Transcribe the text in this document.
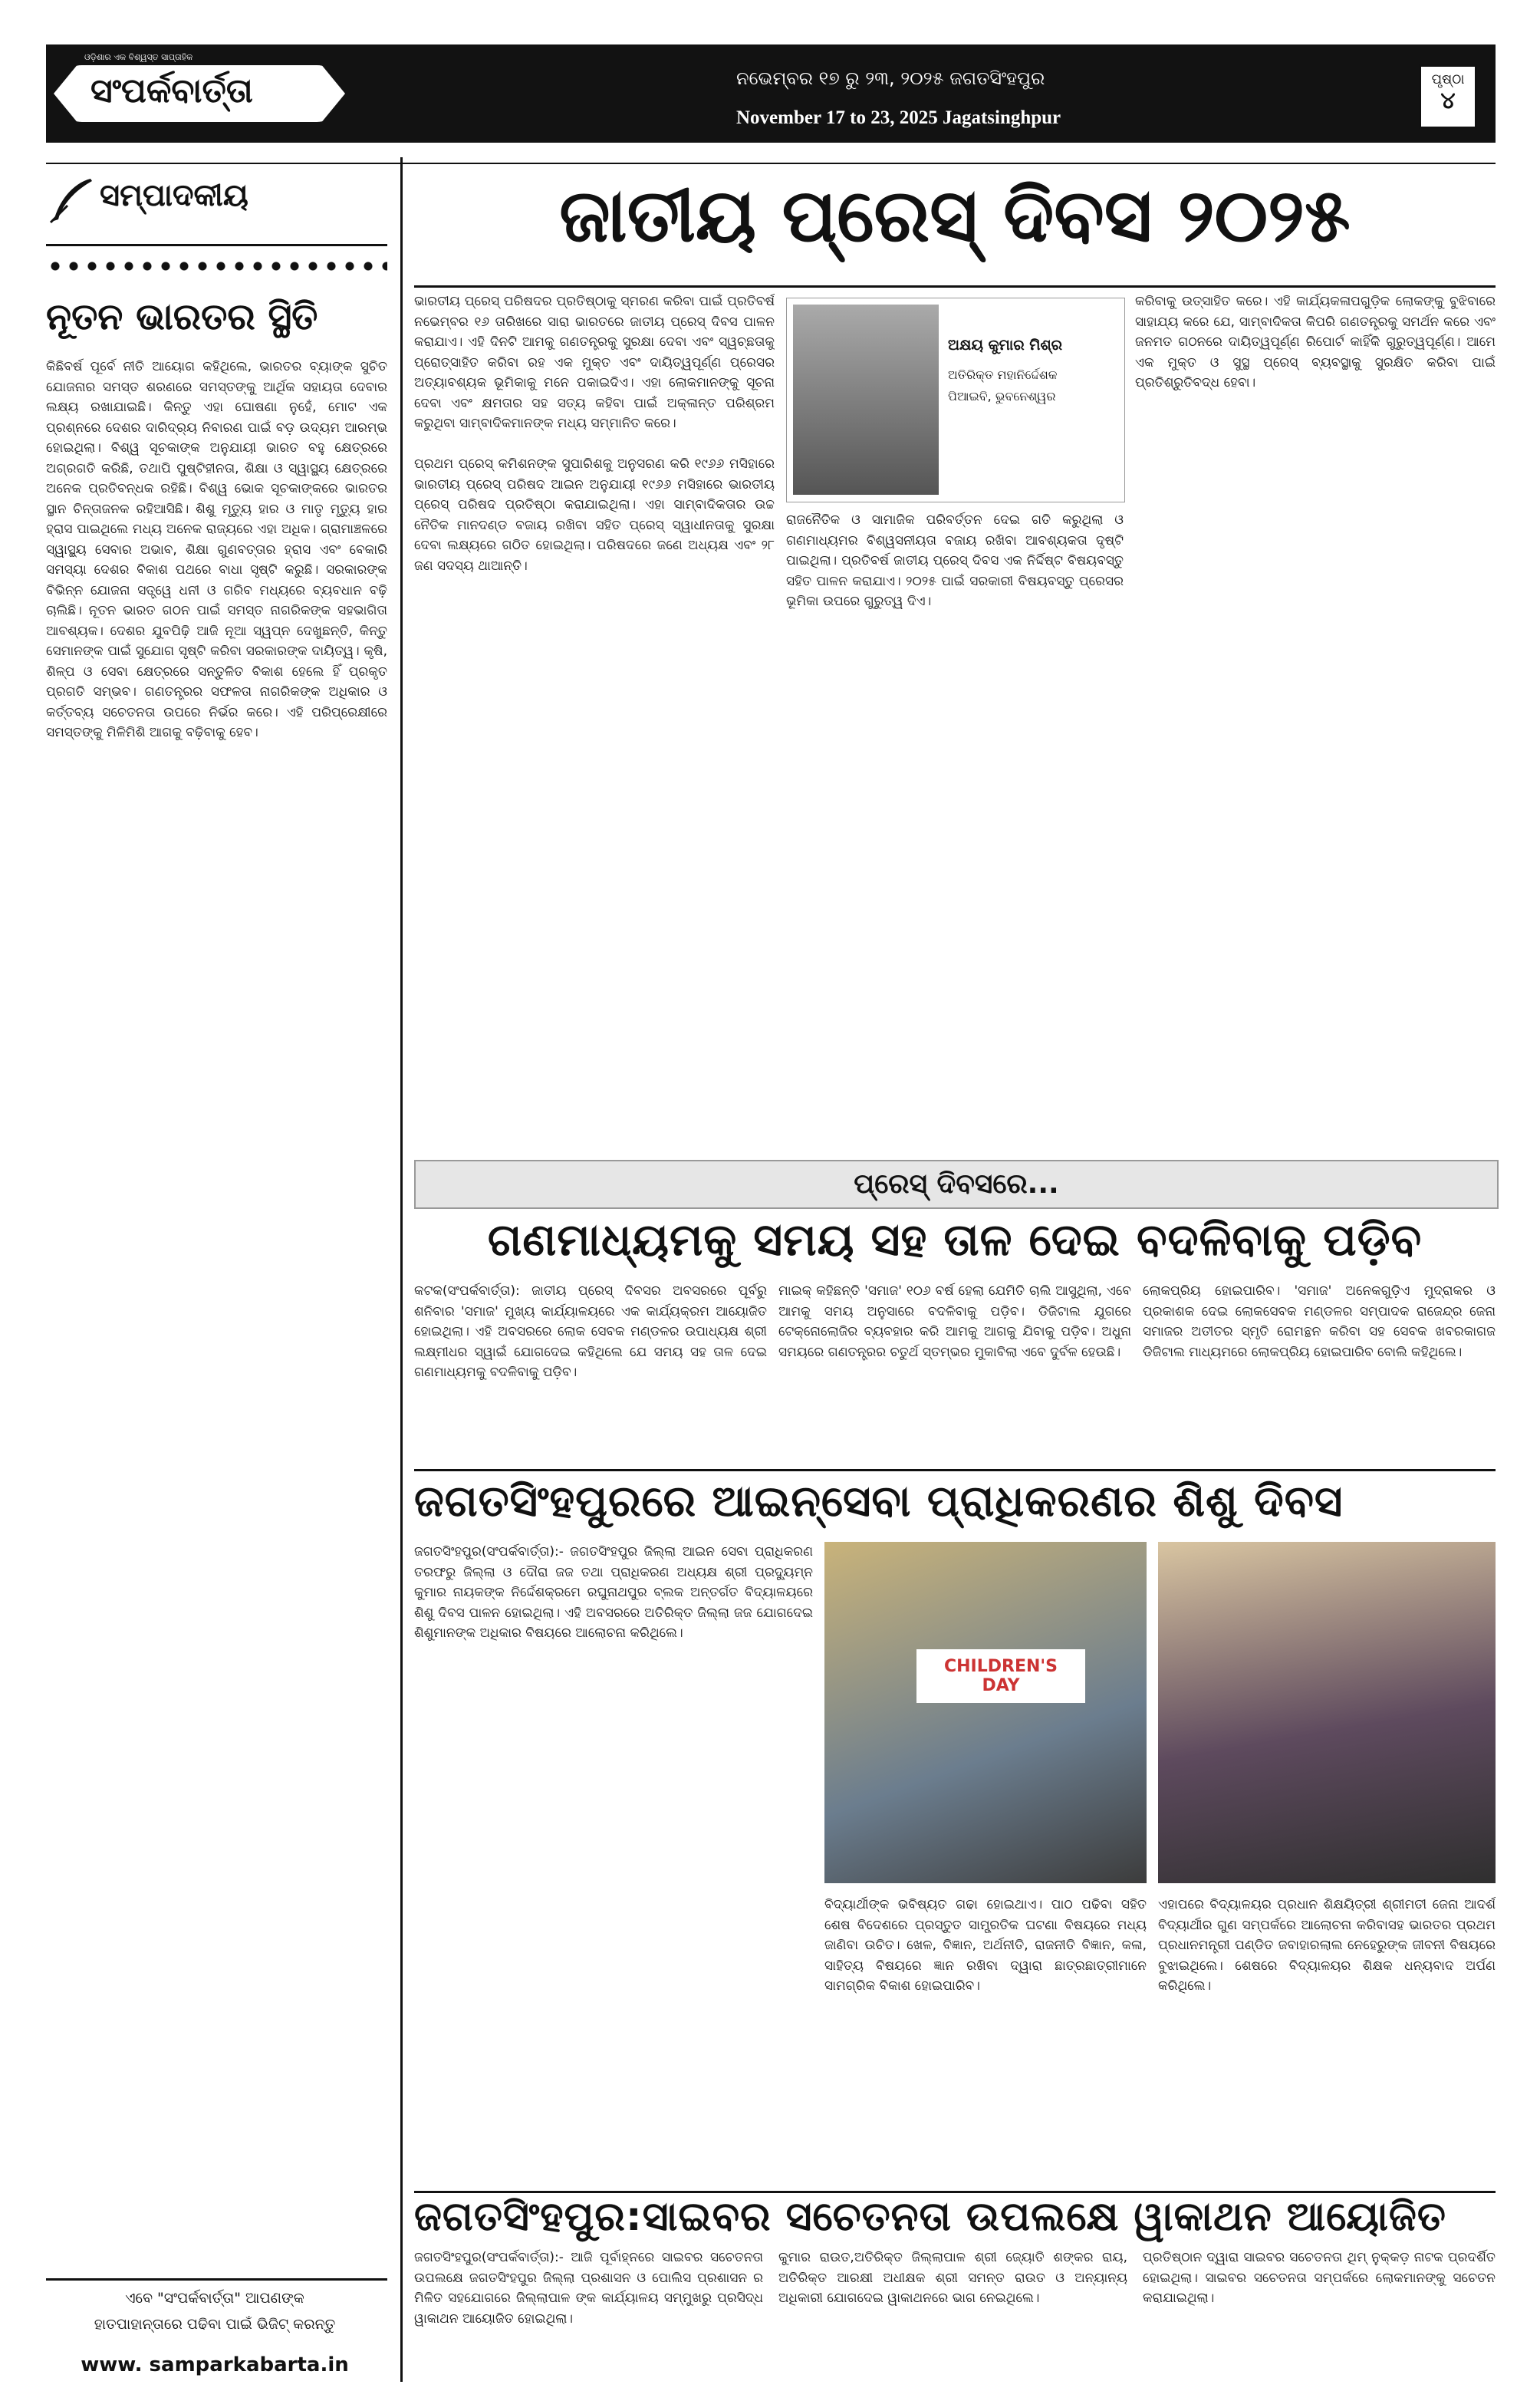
ଓଡ଼ିଶାର ଏକ ବିଶ୍ୱସ୍ତ ସାପ୍ତାହିକ
ସଂପର୍କବାର୍ତ୍ତା	ନଭେମ୍ବର ୧୭ ରୁ ୨୩, ୨୦୨୫ ଜଗତସିଂହପୁର
November 17 to 23, 2025 Jagatsinghpur
ପୃଷ୍ଠା
୪
ସମ୍ପାଦକୀୟ
ନୂତନ ଭାରତର ସ୍ଥିତି
କିଛିବର୍ଷ ପୂର୍ବେ ନୀତି ଆୟୋଗ କହିଥିଲେ, ଭାରତର ବ୍ୟାଙ୍କ ସୁଚିତ ଯୋଜନାର ସମସ୍ତ ଶରଣରେ ସମସ୍ତଙ୍କୁ ଆର୍ଥିକ ସହାୟତା ଦେବାର ଲକ୍ଷ୍ୟ ରଖାଯାଇଛି। କିନ୍ତୁ ଏହା ଘୋଷଣା ନୁହେଁ, ମୋଟ ଏକ ପ୍ରଶ୍ନରେ ଦେଶର ଦାରିଦ୍ର୍ୟ ନିବାରଣ ପାଇଁ ବଡ଼ ଉଦ୍ୟମ ଆରମ୍ଭ ହୋଇଥିଲା। ବିଶ୍ୱ ସୂଚକାଙ୍କ ଅନୁଯାୟୀ ଭାରତ ବହୁ କ୍ଷେତ୍ରରେ ଅଗ୍ରଗତି କରିଛି, ତଥାପି ପୁଷ୍ଟିହୀନତା, ଶିକ୍ଷା ଓ ସ୍ୱାସ୍ଥ୍ୟ କ୍ଷେତ୍ରରେ ଅନେକ ପ୍ରତିବନ୍ଧକ ରହିଛି। ବିଶ୍ୱ ଭୋକ ସୂଚକାଙ୍କରେ ଭାରତର ସ୍ଥାନ ଚିନ୍ତାଜନକ ରହିଆସିଛି। ଶିଶୁ ମୃତ୍ୟୁ ହାର ଓ ମାତୃ ମୃତ୍ୟୁ ହାର ହ୍ରାସ ପାଇଥିଲେ ମଧ୍ୟ ଅନେକ ରାଜ୍ୟରେ ଏହା ଅଧିକ। ଗ୍ରାମାଞ୍ଚଳରେ ସ୍ୱାସ୍ଥ୍ୟ ସେବାର ଅଭାବ, ଶିକ୍ଷା ଗୁଣବତ୍ତାର ହ୍ରାସ ଏବଂ ବେକାରି ସମସ୍ୟା ଦେଶର ବିକାଶ ପଥରେ ବାଧା ସୃଷ୍ଟି କରୁଛି। ସରକାରଙ୍କ ବିଭିନ୍ନ ଯୋଜନା ସତ୍ତ୍ୱେ ଧନୀ ଓ ଗରିବ ମଧ୍ୟରେ ବ୍ୟବଧାନ ବଢ଼ି ଚାଲିଛି। ନୂତନ ଭାରତ ଗଠନ ପାଇଁ ସମସ୍ତ ନାଗରିକଙ୍କ ସହଭାଗିତା ଆବଶ୍ୟକ। ଦେଶର ଯୁବପିଢ଼ି ଆଜି ନୂଆ ସ୍ୱପ୍ନ ଦେଖୁଛନ୍ତି, କିନ୍ତୁ ସେମାନଙ୍କ ପାଇଁ ସୁଯୋଗ ସୃଷ୍ଟି କରିବା ସରକାରଙ୍କ ଦାୟିତ୍ୱ। କୃଷି, ଶିଳ୍ପ ଓ ସେବା କ୍ଷେତ୍ରରେ ସନ୍ତୁଳିତ ବିକାଶ ହେଲେ ହିଁ ପ୍ରକୃତ ପ୍ରଗତି ସମ୍ଭବ। ଗଣତନ୍ତ୍ରର ସଫଳତା ନାଗରିକଙ୍କ ଅଧିକାର ଓ କର୍ତ୍ତବ୍ୟ ସଚେତନତା ଉପରେ ନିର୍ଭର କରେ। ଏହି ପରିପ୍ରେକ୍ଷୀରେ ସମସ୍ତଙ୍କୁ ମିଳିମିଶି ଆଗକୁ ବଢ଼ିବାକୁ ହେବ।
ଏବେ "ସଂପର୍କବାର୍ତ୍ତା" ଆପଣଙ୍କ
ହାତପାହାନ୍ତାରେ ପଢିବା ପାଇଁ ଭିଜିଟ୍ କରନ୍ତୁ
www. samparkabarta.in
ଜାତୀୟ ପ୍ରେସ୍ ଦିବସ ୨୦୨୫
ଭାରତୀୟ ପ୍ରେସ୍ ପରିଷଦର ପ୍ରତିଷ୍ଠାକୁ ସ୍ମରଣ କରିବା ପାଇଁ ପ୍ରତିବର୍ଷ ନଭେମ୍ବର ୧୬ ତାରିଖରେ ସାରା ଭାରତରେ ଜାତୀୟ ପ୍ରେସ୍ ଦିବସ ପାଳନ କରାଯାଏ। ଏହି ଦିନଟି ଆମକୁ ଗଣତନ୍ତ୍ରକୁ ସୁରକ୍ଷା ଦେବା ଏବଂ ସ୍ୱଚ୍ଛତାକୁ ପ୍ରୋତ୍ସାହିତ କରିବା ରହ ଏକ ମୁକ୍ତ ଏବଂ ଦାୟିତ୍ୱପୂର୍ଣ୍ଣ ପ୍ରେସର ଅତ୍ୟାବଶ୍ୟକ ଭୂମିକାକୁ ମନେ ପକାଇଦିଏ। ଏହା ଲୋକମାନଙ୍କୁ ସୂଚନା ଦେବା ଏବଂ କ୍ଷମତାର ସହ ସତ୍ୟ କହିବା ପାଇଁ ଅକ୍ଳାନ୍ତ ପରିଶ୍ରମ କରୁଥିବା ସାମ୍ବାଦିକମାନଙ୍କ ମଧ୍ୟ ସମ୍ମାନିତ କରେ।

ପ୍ରଥମ ପ୍ରେସ୍ କମିଶନଙ୍କ ସୁପାରିଶକୁ ଅନୁସରଣ କରି ୧୯୬୬ ମସିହାରେ ଭାରତୀୟ ପ୍ରେସ୍ ପରିଷଦ ଆଇନ ଅନୁଯାୟୀ ୧୯୬୬ ମସିହାରେ ଭାରତୀୟ ପ୍ରେସ୍ ପରିଷଦ ପ୍ରତିଷ୍ଠା କରାଯାଇଥିଲା। ଏହା ସାମ୍ବାଦିକତାର ଉଚ୍ଚ ନୈତିକ ମାନଦଣ୍ଡ ବଜାୟ ରଖିବା ସହିତ ପ୍ରେସ୍ ସ୍ୱାଧୀନତାକୁ ସୁରକ୍ଷା ଦେବା ଲକ୍ଷ୍ୟରେ ଗଠିତ ହୋଇଥିଲା। ପରିଷଦରେ ଜଣେ ଅଧ୍ୟକ୍ଷ ଏବଂ ୨୮ ଜଣ ସଦସ୍ୟ ଥାଆନ୍ତି।
ଅକ୍ଷୟ କୁମାର ମିଶ୍ର
ଅତିରିକ୍ତ ମହାନିର୍ଦ୍ଦେଶକ
ପିଆଇବି, ଭୁବନେଶ୍ୱର
ରାଜନୈତିକ ଓ ସାମାଜିକ ପରିବର୍ତ୍ତନ ଦେଇ ଗତି କରୁଥିଲା ଓ ଗଣମାଧ୍ୟମର ବିଶ୍ୱସନୀୟତା ବଜାୟ ରଖିବା ଆବଶ୍ୟକତା ଦୃଷ୍ଟି ପାଇଥିଲା। ପ୍ରତିବର୍ଷ ଜାତୀୟ ପ୍ରେସ୍ ଦିବସ ଏକ ନିର୍ଦ୍ଦିଷ୍ଟ ବିଷୟବସ୍ତୁ ସହିତ ପାଳନ କରାଯାଏ। ୨୦୨୫ ପାଇଁ ସରକାରୀ ବିଷୟବସ୍ତୁ ପ୍ରେସର ଭୂମିକା ଉପରେ ଗୁରୁତ୍ୱ ଦିଏ।
କରିବାକୁ ଉତ୍ସାହିତ କରେ। ଏହି କାର୍ଯ୍ୟକଳାପଗୁଡ଼ିକ ଲୋକଙ୍କୁ ବୁଝିବାରେ ସାହାଯ୍ୟ କରେ ଯେ, ସାମ୍ବାଦିକତା କିପରି ଗଣତନ୍ତ୍ରକୁ ସମର୍ଥନ କରେ ଏବଂ ଜନମତ ଗଠନରେ ଦାୟିତ୍ୱପୂର୍ଣ୍ଣ ରିପୋର୍ଟ କାହିଁକି ଗୁରୁତ୍ୱପୂର୍ଣ୍ଣ। ଆମେ ଏକ ମୁକ୍ତ ଓ ସୁସ୍ଥ ପ୍ରେସ୍ ବ୍ୟବସ୍ଥାକୁ ସୁରକ୍ଷିତ କରିବା ପାଇଁ ପ୍ରତିଶ୍ରୁତିବଦ୍ଧ ହେବା।
ପ୍ରେସ୍ ଦିବସରେ...
ଗଣମାଧ୍ୟମକୁ ସମୟ ସହ ତାଳ ଦେଇ ବଦଳିବାକୁ ପଡ଼ିବ
କଟକ(ସଂପର୍କବାର୍ତ୍ତା): ଜାତୀୟ ପ୍ରେସ୍ ଦିବସର ଅବସରରେ ପୂର୍ବରୁ ଶନିବାର 'ସମାଜ' ମୁଖ୍ୟ କାର୍ଯ୍ୟାଳୟରେ ଏକ କାର୍ଯ୍ୟକ୍ରମ ଆୟୋଜିତ ହୋଇଥିଲା। ଏହି ଅବସରରେ ଲୋକ ସେବକ ମଣ୍ଡଳର ଉପାଧ୍ୟକ୍ଷ ଶ୍ରୀ ଲକ୍ଷ୍ମୀଧର ସ୍ୱାଇଁ ଯୋଗଦେଇ କହିଥିଲେ ଯେ ସମୟ ସହ ତାଳ ଦେଇ ଗଣମାଧ୍ୟମକୁ ବଦଳିବାକୁ ପଡ଼ିବ।
ମାଇକ୍ କହିଛନ୍ତି 'ସମାଜ' ୧୦୬ ବର୍ଷ ହେଲା ଯେମିତି ଚାଲି ଆସୁଥିଲା, ଏବେ ଆମକୁ ସମୟ ଅନୁସାରେ ବଦଳିବାକୁ ପଡ଼ିବ। ଡିଜିଟାଲ ଯୁଗରେ ଟେକ୍ନୋଲୋଜିର ବ୍ୟବହାର କରି ଆମକୁ ଆଗକୁ ଯିବାକୁ ପଡ଼ିବ। ଅଧୁନା ସମୟରେ ଗଣତନ୍ତ୍ରର ଚତୁର୍ଥ ସ୍ତମ୍ଭର ମୁକାବିଲା ଏବେ ଦୁର୍ବଳ ହେଉଛି।
ଲୋକପ୍ରିୟ ହୋଇପାରିବ। 'ସମାଜ' ଅନେକଗୁଡ଼ିଏ ମୁଦ୍ରାକର ଓ ପ୍ରକାଶକ ଦେଇ ଲୋକସେବକ ମଣ୍ଡଳର ସମ୍ପାଦକ ରାଜେନ୍ଦ୍ର ଜେନା ସମାଜର ଅତୀତର ସ୍ମୃତି ରୋମନ୍ଥନ କରିବା ସହ ସେବକ ଖବରକାଗଜ ଡିଜିଟାଲ ମାଧ୍ୟମରେ ଲୋକପ୍ରିୟ ହୋଇପାରିବ ବୋଲି କହିଥିଲେ।
ଜଗତସିଂହପୁରରେ ଆଇନ୍‌ସେବା ପ୍ରାଧିକରଣର ଶିଶୁ ଦିବସ
ଜଗତସିଂହପୁର(ସଂପର୍କବାର୍ତ୍ତା):- ଜଗତସିଂହପୁର ଜିଲ୍ଲା ଆଇନ ସେବା ପ୍ରାଧିକରଣ ତରଫରୁ ଜିଲ୍ଲା ଓ ଦୌରା ଜଜ ତଥା ପ୍ରାଧିକରଣ ଅଧ୍ୟକ୍ଷ ଶ୍ରୀ ପ୍ରଦ୍ୟୁମ୍ନ କୁମାର ନାୟକଙ୍କ ନିର୍ଦ୍ଦେଶକ୍ରମେ ରଘୁନାଥପୁର ବ୍ଲକ ଅନ୍ତର୍ଗତ ବିଦ୍ୟାଳୟରେ ଶିଶୁ ଦିବସ ପାଳନ ହୋଇଥିଲା। ଏହି ଅବସରରେ ଅତିରିକ୍ତ ଜିଲ୍ଲା ଜଜ ଯୋଗଦେଇ ଶିଶୁମାନଙ୍କ ଅଧିକାର ବିଷୟରେ ଆଲୋଚନା କରିଥିଲେ।
CHILDREN'S DAY
ବିଦ୍ୟାର୍ଥୀଙ୍କ ଭବିଷ୍ୟତ ଗଢା ହୋଇଥାଏ। ପାଠ ପଢିବା ସହିତ ଶେଷ ବିଦେଶରେ ପ୍ରସ୍ତୁତ ସାମ୍ପ୍ରତିକ ଘଟଣା ବିଷୟରେ ମଧ୍ୟ ଜାଣିବା ଉଚିତ। ଖେଳ, ବିଜ୍ଞାନ, ଅର୍ଥନୀତି, ରାଜନୀତି ବିଜ୍ଞାନ, କଳା, ସାହିତ୍ୟ ବିଷୟରେ ଜ୍ଞାନ ରଖିବା ଦ୍ୱାରା ଛାତ୍ରଛାତ୍ରୀମାନେ ସାମଗ୍ରିକ ବିକାଶ ହୋଇପାରିବ।
ଏହାପରେ ବିଦ୍ୟାଳୟର ପ୍ରଧାନ ଶିକ୍ଷୟିତ୍ରୀ ଶ୍ରୀମତୀ ଜେନା ଆଦର୍ଶ ବିଦ୍ୟାର୍ଥୀର ଗୁଣ ସମ୍ପର୍କରେ ଆଲୋଚନା କରିବାସହ ଭାରତର ପ୍ରଥମ ପ୍ରଧାନମନ୍ତ୍ରୀ ପଣ୍ଡିତ ଜବାହାରଲାଲ ନେହେରୁଙ୍କ ଜୀବନୀ ବିଷୟରେ ବୁଝାଇଥିଲେ। ଶେଷରେ ବିଦ୍ୟାଳୟର ଶିକ୍ଷକ ଧନ୍ୟବାଦ ଅର୍ପଣ କରିଥିଲେ।
ଜଗତସିଂହପୁର:ସାଇବର ସଚେତନତା ଉପଲକ୍ଷେ ୱାକାଥନ ଆୟୋଜିତ
ଜଗତସିଂହପୁର(ସଂପର୍କବାର୍ତ୍ତା):- ଆଜି ପୂର୍ବାହ୍ନରେ ସାଇବର ସଚେତନତା ଉପଲକ୍ଷେ ଜଗତସିଂହପୁର ଜିଲ୍ଲା ପ୍ରଶାସନ ଓ ପୋଲିସ ପ୍ରଶାସନ ର ମିଳିତ ସହଯୋଗରେ ଜିଲ୍ଲାପାଳ ଙ୍କ କାର୍ଯ୍ୟାଳୟ ସମ୍ମୁଖରୁ ପ୍ରସିଦ୍ଧ ୱାକାଥନ ଆୟୋଜିତ ହୋଇଥିଲା।
କୁମାର ରାଉତ,ଅତିରିକ୍ତ ଜିଲ୍ଲାପାଳ ଶ୍ରୀ ଜ୍ୟୋତି ଶଙ୍କର ରାୟ, ଅତିରିକ୍ତ ଆରକ୍ଷୀ ଅଧୀକ୍ଷକ ଶ୍ରୀ ସମନ୍ତ ରାଉତ ଓ ଅନ୍ୟାନ୍ୟ ଅଧିକାରୀ ଯୋଗଦେଇ ୱାକାଥନରେ ଭାଗ ନେଇଥିଲେ।
ପ୍ରତିଷ୍ଠାନ ଦ୍ୱାରା ସାଇବର ସଚେତନତା ଥିମ୍ ନୁକ୍କଡ଼ ନାଟକ ପ୍ରଦର୍ଶିତ ହୋଇଥିଲା। ସାଇବର ସଚେତନତା ସମ୍ପର୍କରେ ଲୋକମାନଙ୍କୁ ସଚେତନ କରାଯାଇଥିଲା।
